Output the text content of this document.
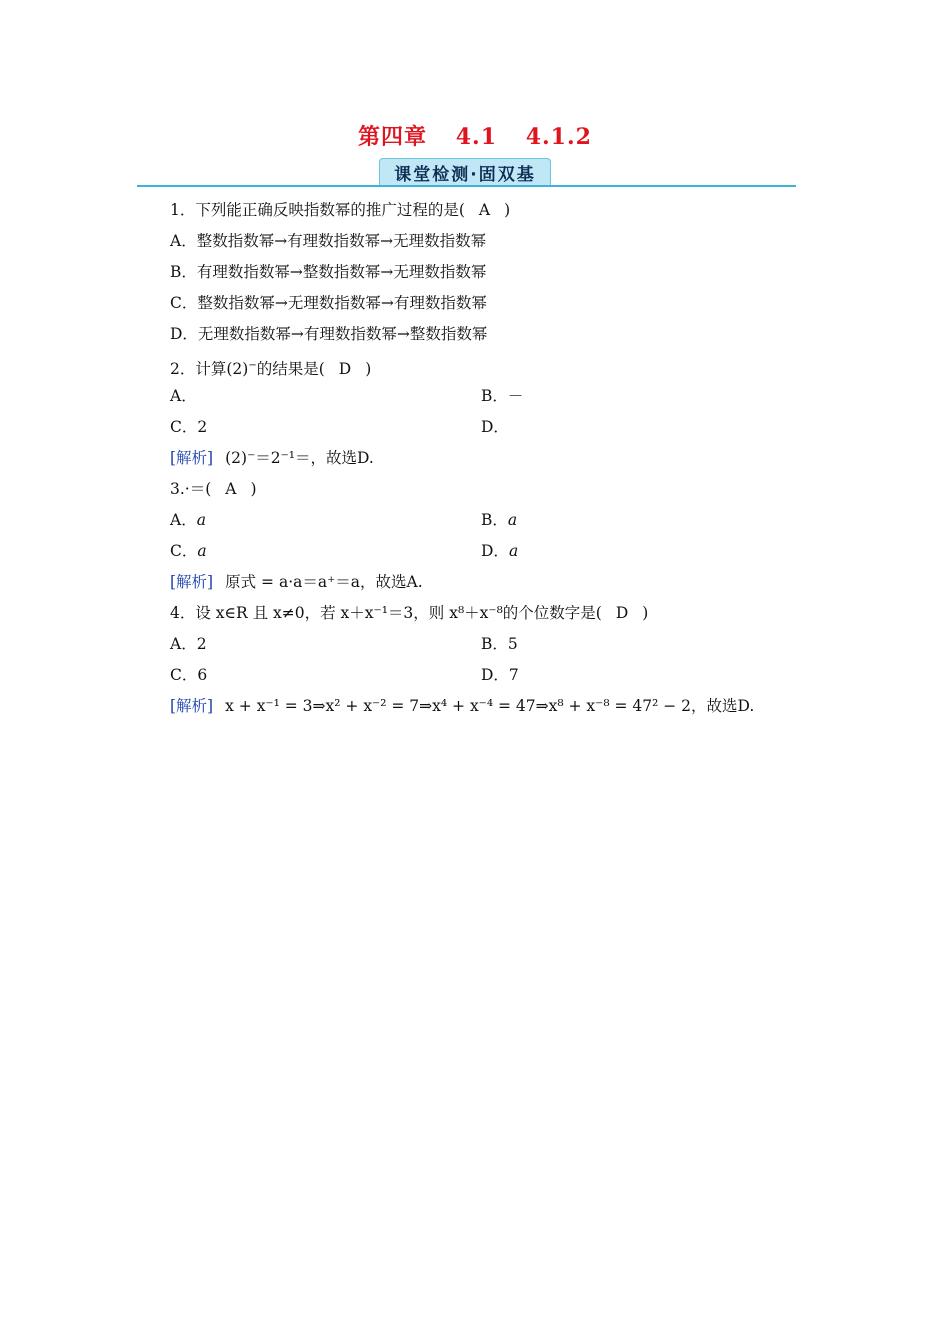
第四章 4.1 4.1.2
课堂检测·固双基
1．下列能正确反映指数幂的推广过程的是( A )
A．整数指数幂→有理数指数幂→无理数指数幂
B．有理数指数幂→整数指数幂→无理数指数幂
C．整数指数幂→无理数指数幂→有理数指数幂
D．无理数指数幂→有理数指数幂→整数指数幂
2．计算(2)−的结果是( D )
A．	B．－
C．2	D．
[解析] (2)⁻＝2⁻¹＝，故选D.
3.·＝( A )
A．a	B．a
C．a	D．a
[解析] 原式 = a·a＝a⁺＝a，故选A.
4．设 x∈R 且 x≠0，若 x＋x⁻¹＝3，则 x⁸＋x⁻⁸的个位数字是( D )
A．2	B．5
C．6	D．7
[解析] x + x⁻¹ = 3⇒x² + x⁻² = 7⇒x⁴ + x⁻⁴ = 47⇒x⁸ + x⁻⁸ = 47² − 2，故选D.
